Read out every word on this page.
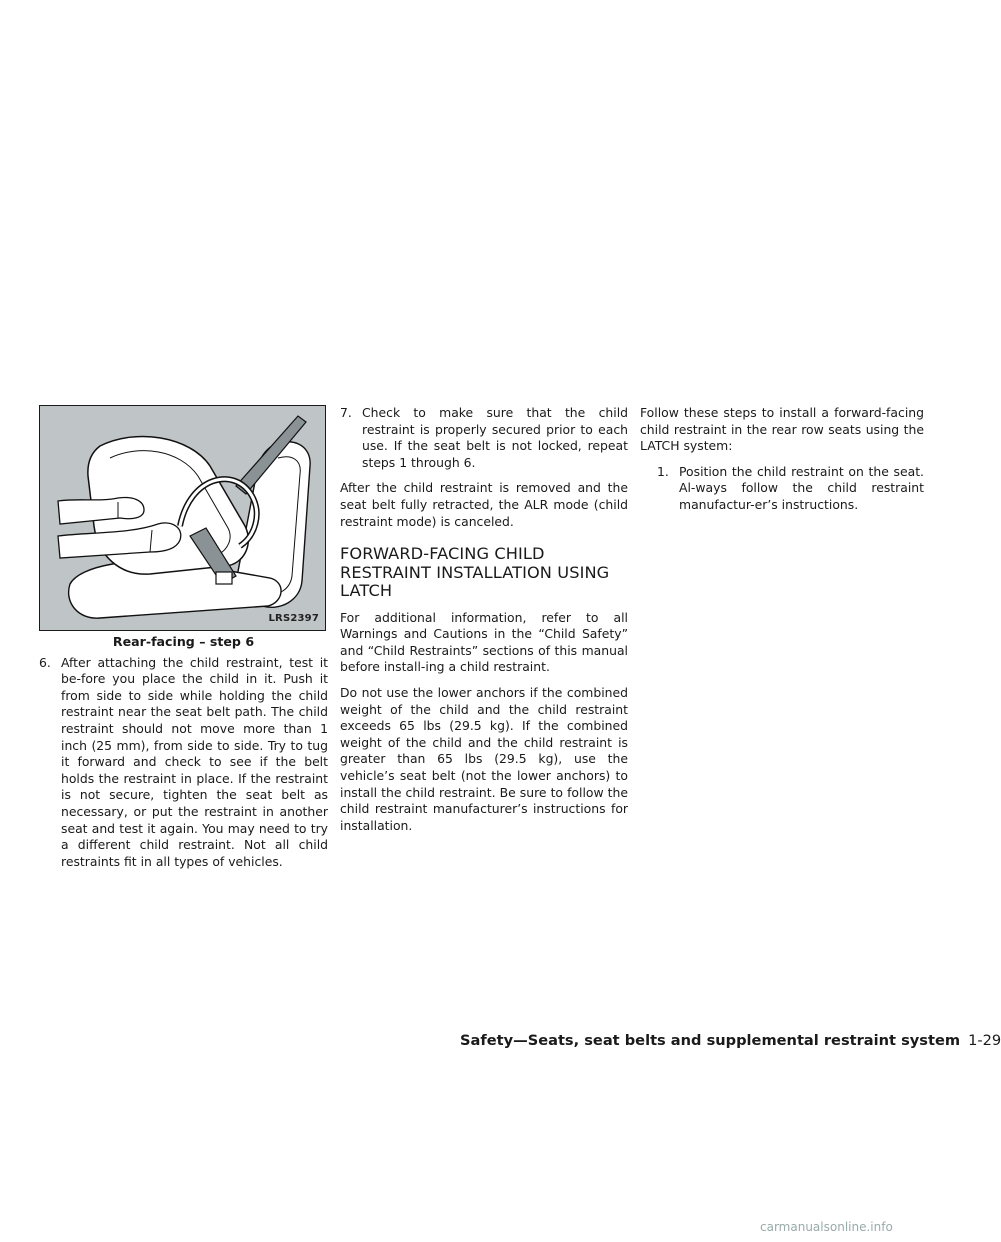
LRS2397
Rear-facing – step 6
6. After attaching the child restraint, test it be-fore you place the child in it. Push it from side to side while holding the child restraint near the seat belt path. The child restraint should not move more than 1 inch (25 mm), from side to side. Try to tug it forward and check to see if the belt holds the restraint in place. If the restraint is not secure, tighten the seat belt as necessary, or put the restraint in another seat and test it again. You may need to try a different child restraint. Not all child restraints fit in all types of vehicles.
7. Check to make sure that the child restraint is properly secured prior to each use. If the seat belt is not locked, repeat steps 1 through 6.

After the child restraint is removed and the seat belt fully retracted, the ALR mode (child restraint mode) is canceled.

FORWARD-FACING CHILD RESTRAINT INSTALLATION USING LATCH

For additional information, refer to all Warnings and Cautions in the “Child Safety” and “Child Restraints” sections of this manual before install-ing a child restraint.

Do not use the lower anchors if the combined weight of the child and the child restraint exceeds 65 lbs (29.5 kg). If the combined weight of the child and the child restraint is greater than 65 lbs (29.5 kg), use the vehicle’s seat belt (not the lower anchors) to install the child restraint. Be sure to follow the child restraint manufacturer’s instructions for installation.

Follow these steps to install a forward-facing child restraint in the rear row seats using the LATCH system:

1. Position the child restraint on the seat. Al-ways follow the child restraint manufactur-er’s instructions.
Safety—Seats, seat belts and supplemental restraint system 1-29
carmanualsonline.info
